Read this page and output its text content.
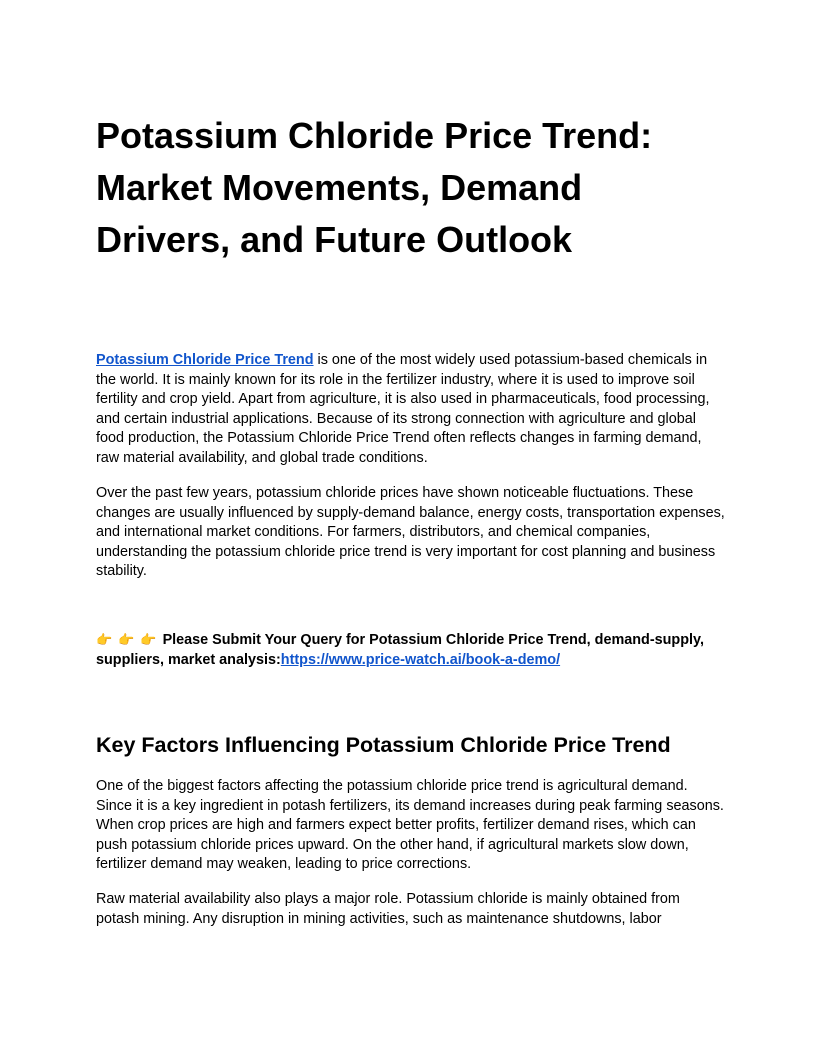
Potassium Chloride Price Trend:
Market Movements, Demand
Drivers, and Future Outlook

Potassium Chloride Price Trend is one of the most widely used potassium-based chemicals in the world. It is mainly known for its role in the fertilizer industry, where it is used to improve soil fertility and crop yield. Apart from agriculture, it is also used in pharmaceuticals, food processing, and certain industrial applications. Because of its strong connection with agriculture and global food production, the Potassium Chloride Price Trend often reflects changes in farming demand, raw material availability, and global trade conditions.

Over the past few years, potassium chloride prices have shown noticeable fluctuations. These changes are usually influenced by supply-demand balance, energy costs, transportation expenses, and international market conditions. For farmers, distributors, and chemical companies, understanding the potassium chloride price trend is very important for cost planning and business stability.

👉 👉 👉 Please Submit Your Query for Potassium Chloride Price Trend, demand-supply, suppliers, market analysis:https://www.price-watch.ai/book-a-demo/

Key Factors Influencing Potassium Chloride Price Trend

One of the biggest factors affecting the potassium chloride price trend is agricultural demand. Since it is a key ingredient in potash fertilizers, its demand increases during peak farming seasons. When crop prices are high and farmers expect better profits, fertilizer demand rises, which can push potassium chloride prices upward. On the other hand, if agricultural markets slow down, fertilizer demand may weaken, leading to price corrections.

Raw material availability also plays a major role. Potassium chloride is mainly obtained from potash mining. Any disruption in mining activities, such as maintenance shutdowns, labor
